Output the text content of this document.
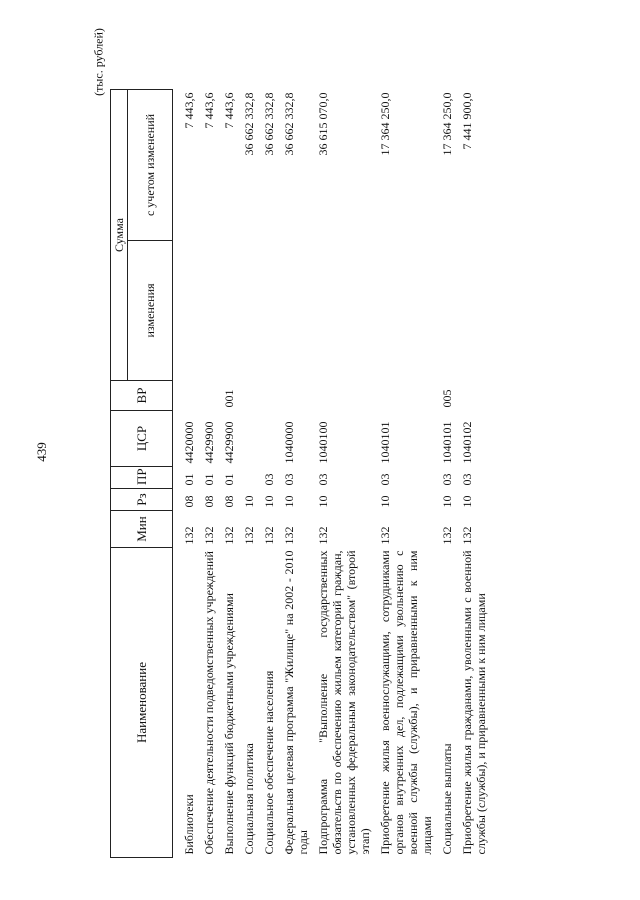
439
(тыс. рублей)
Наименование	Мин	Рз	ПР	ЦСР	ВР	Сумма	
						изменения	с учетом изменений
Библиотеки	132	08	01	4420000			7 443,6
Обеспечение деятельности подведомственных учреждений	132	08	01	4429900			7 443,6
Выполнение функций бюджетными учреждениями	132	08	01	4429900	001		7 443,6
Социальная политика	132	10					36 662 332,8
Социальное обеспечение населения	132	10	03				36 662 332,8
Федеральная целевая программа "Жилище" на 2002 - 2010 годы	132	10	03	1040000			36 662 332,8
Подпрограмма "Выполнение государственных обязательств по обеспечению жильем категорий граждан, установленных федеральным законодательством" (второй этап)	132	10	03	1040100			36 615 070,0
Приобретение жилья военнослужащими, сотрудниками органов внутренних дел, подлежащими увольнению с военной службы (службы), и приравненными к ним лицами	132	10	03	1040101			17 364 250,0
Социальные выплаты	132	10	03	1040101	005		17 364 250,0
Приобретение жилья гражданами, уволенными с военной службы (службы), и приравненными к ним лицами	132	10	03	1040102			7 441 900,0
